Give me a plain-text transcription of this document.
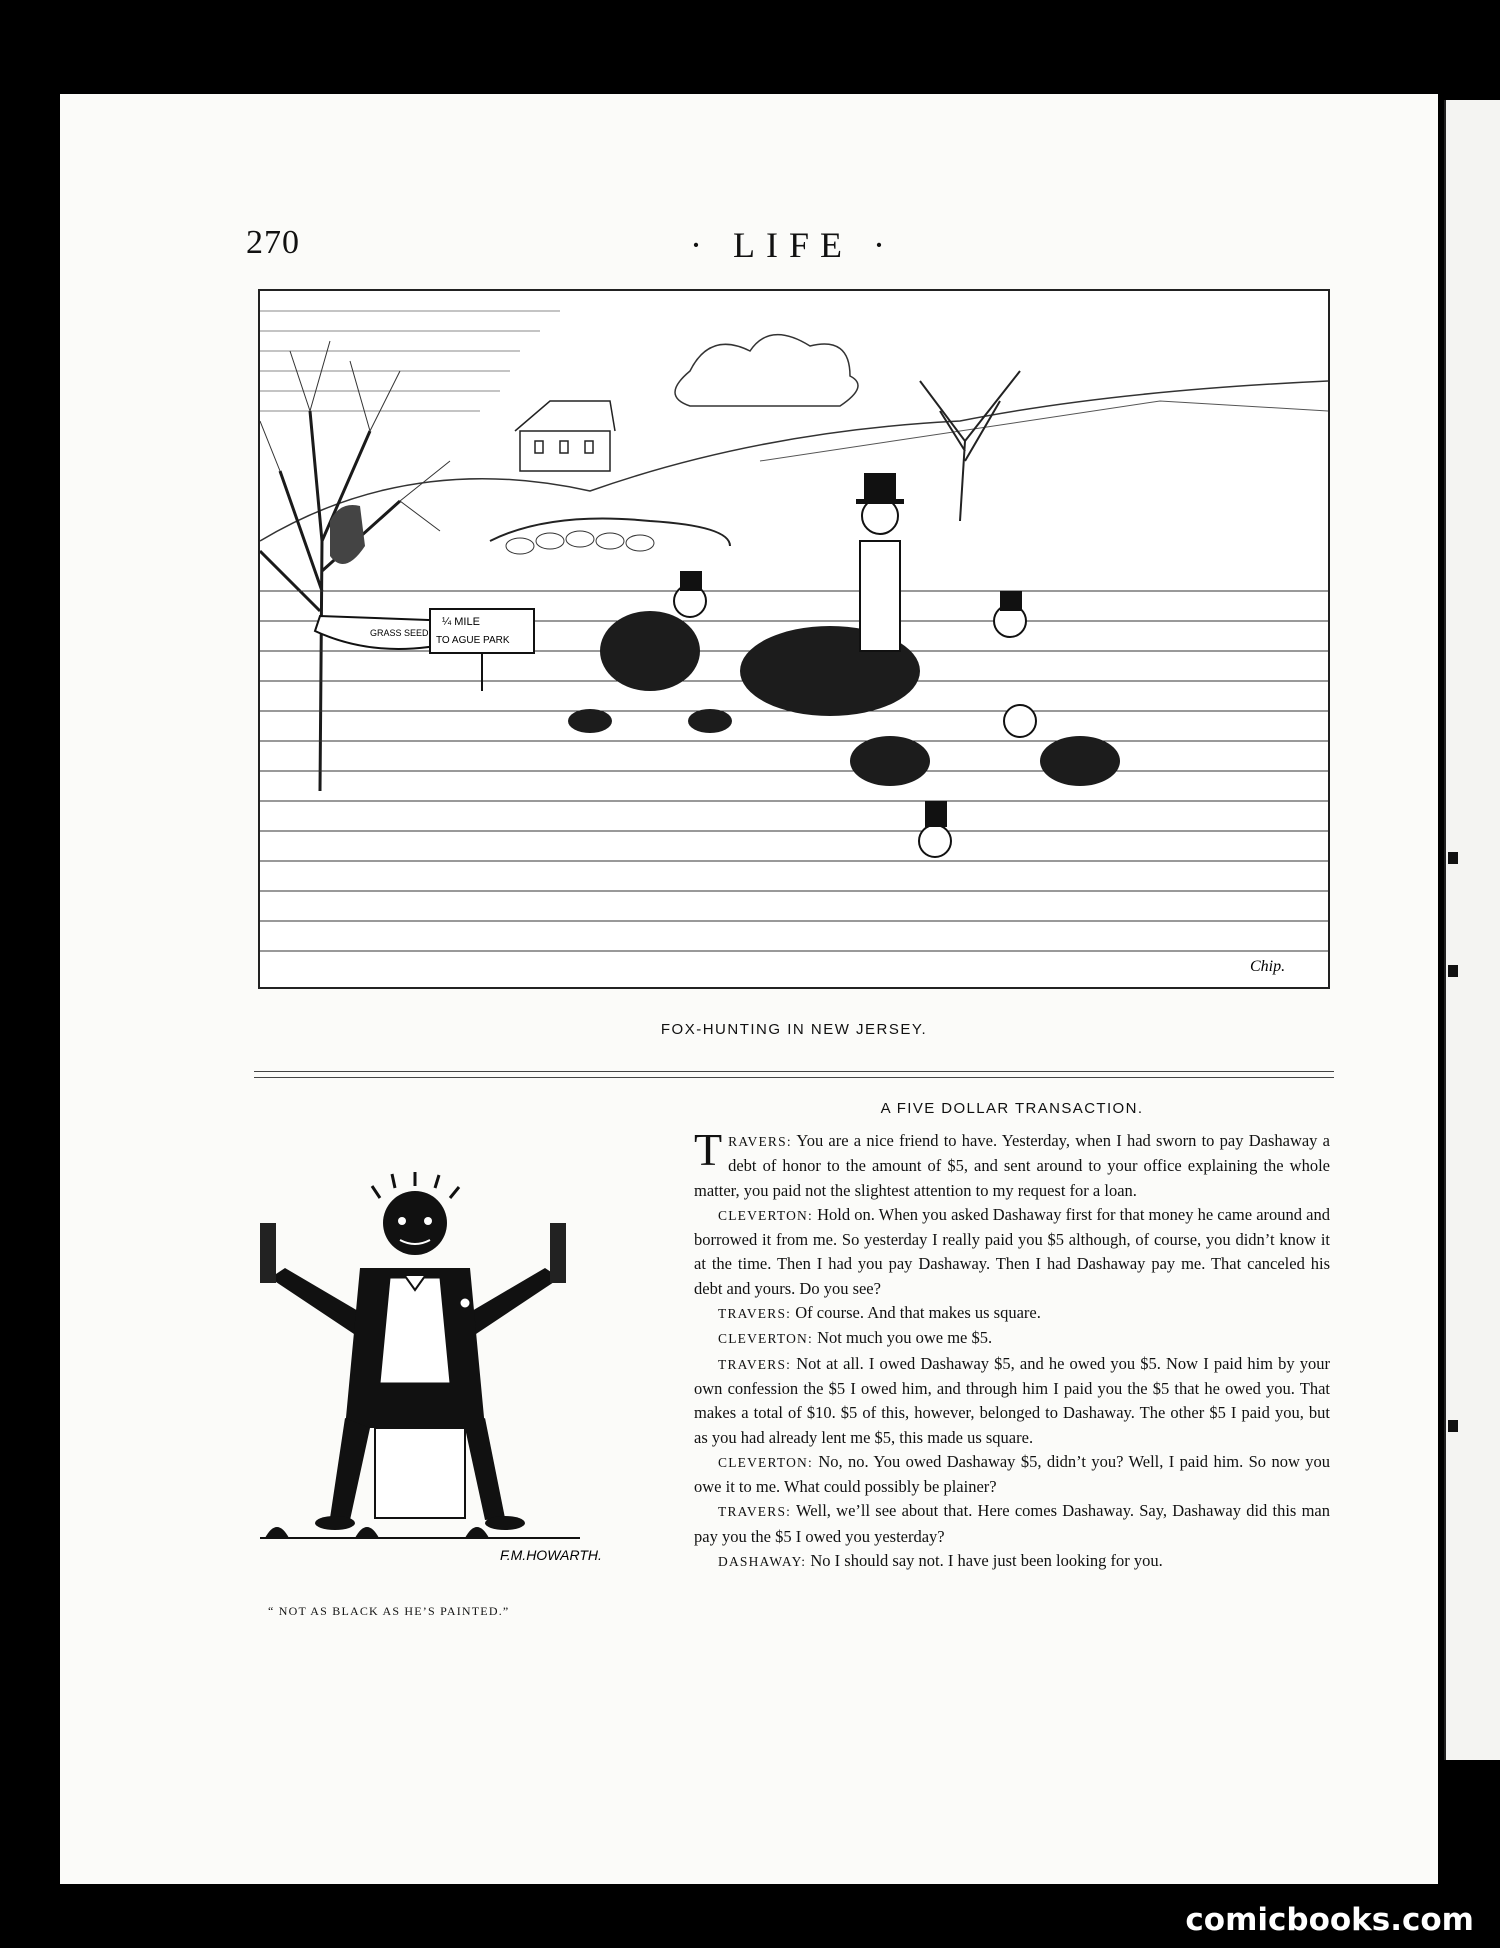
270	· LIFE ·
GRASS SEED
¼ MILE
TO AGUE PARK
Chip.
FOX-HUNTING IN NEW JERSEY.
F.M.HOWARTH.
“ NOT AS BLACK AS HE’S PAINTED.”
A FIVE DOLLAR TRANSACTION.

TRAVERS: You are a nice friend to have. Yesterday, when I had sworn to pay Dashaway a debt of honor to the amount of $5, and sent around to your office explaining the whole matter, you paid not the slightest attention to my request for a loan.

CLEVERTON: Hold on. When you asked Dashaway first for that money he came around and borrowed it from me. So yesterday I really paid you $5 although, of course, you didn’t know it at the time. Then I had you pay Dashaway. Then I had Dashaway pay me. That canceled his debt and yours. Do you see?

TRAVERS: Of course. And that makes us square.

CLEVERTON: Not much you owe me $5.

TRAVERS: Not at all. I owed Dashaway $5, and he owed you $5. Now I paid him by your own confession the $5 I owed him, and through him I paid you the $5 that he owed you. That makes a total of $10. $5 of this, however, belonged to Dashaway. The other $5 I paid you, but as you had already lent me $5, this made us square.

CLEVERTON: No, no. You owed Dashaway $5, didn’t you? Well, I paid him. So now you owe it to me. What could possibly be plainer?

TRAVERS: Well, we’ll see about that. Here comes Dashaway. Say, Dashaway did this man pay you the $5 I owed you yesterday?

DASHAWAY: No I should say not. I have just been looking for you.

comicbooks.com
